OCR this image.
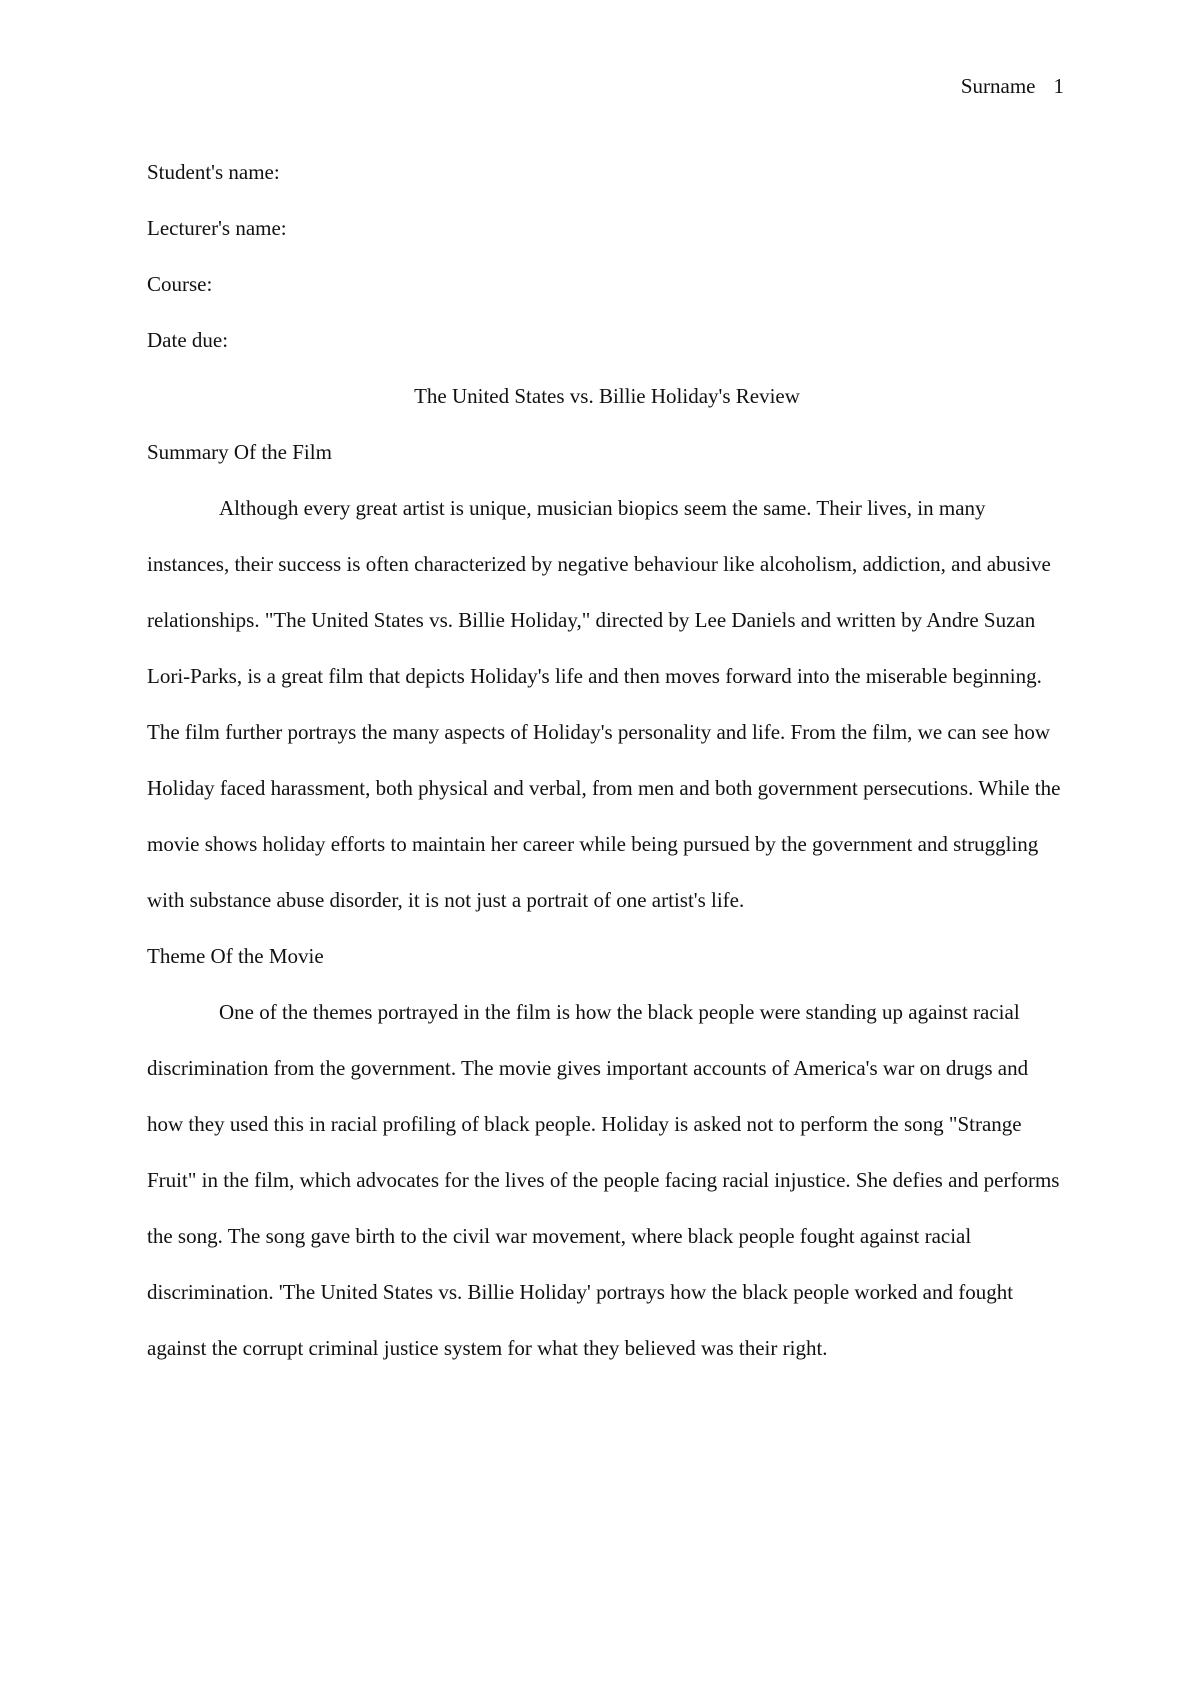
Surname 1

Student's name:

Lecturer's name:

Course:

Date due:

The United States vs. Billie Holiday's Review

Summary Of the Film

Although every great artist is unique, musician biopics seem the same. Their lives, in many instances, their success is often characterized by negative behaviour like alcoholism, addiction, and abusive relationships. "The United States vs. Billie Holiday," directed by Lee Daniels and written by Andre Suzan Lori-Parks, is a great film that depicts Holiday's life and then moves forward into the miserable beginning. The film further portrays the many aspects of Holiday's personality and life. From the film, we can see how Holiday faced harassment, both physical and verbal, from men and both government persecutions. While the movie shows holiday efforts to maintain her career while being pursued by the government and struggling with substance abuse disorder, it is not just a portrait of one artist's life.

Theme Of the Movie

One of the themes portrayed in the film is how the black people were standing up against racial discrimination from the government. The movie gives important accounts of America's war on drugs and how they used this in racial profiling of black people. Holiday is asked not to perform the song "Strange Fruit" in the film, which advocates for the lives of the people facing racial injustice. She defies and performs the song. The song gave birth to the civil war movement, where black people fought against racial discrimination. 'The United States vs. Billie Holiday' portrays how the black people worked and fought against the corrupt criminal justice system for what they believed was their right.
